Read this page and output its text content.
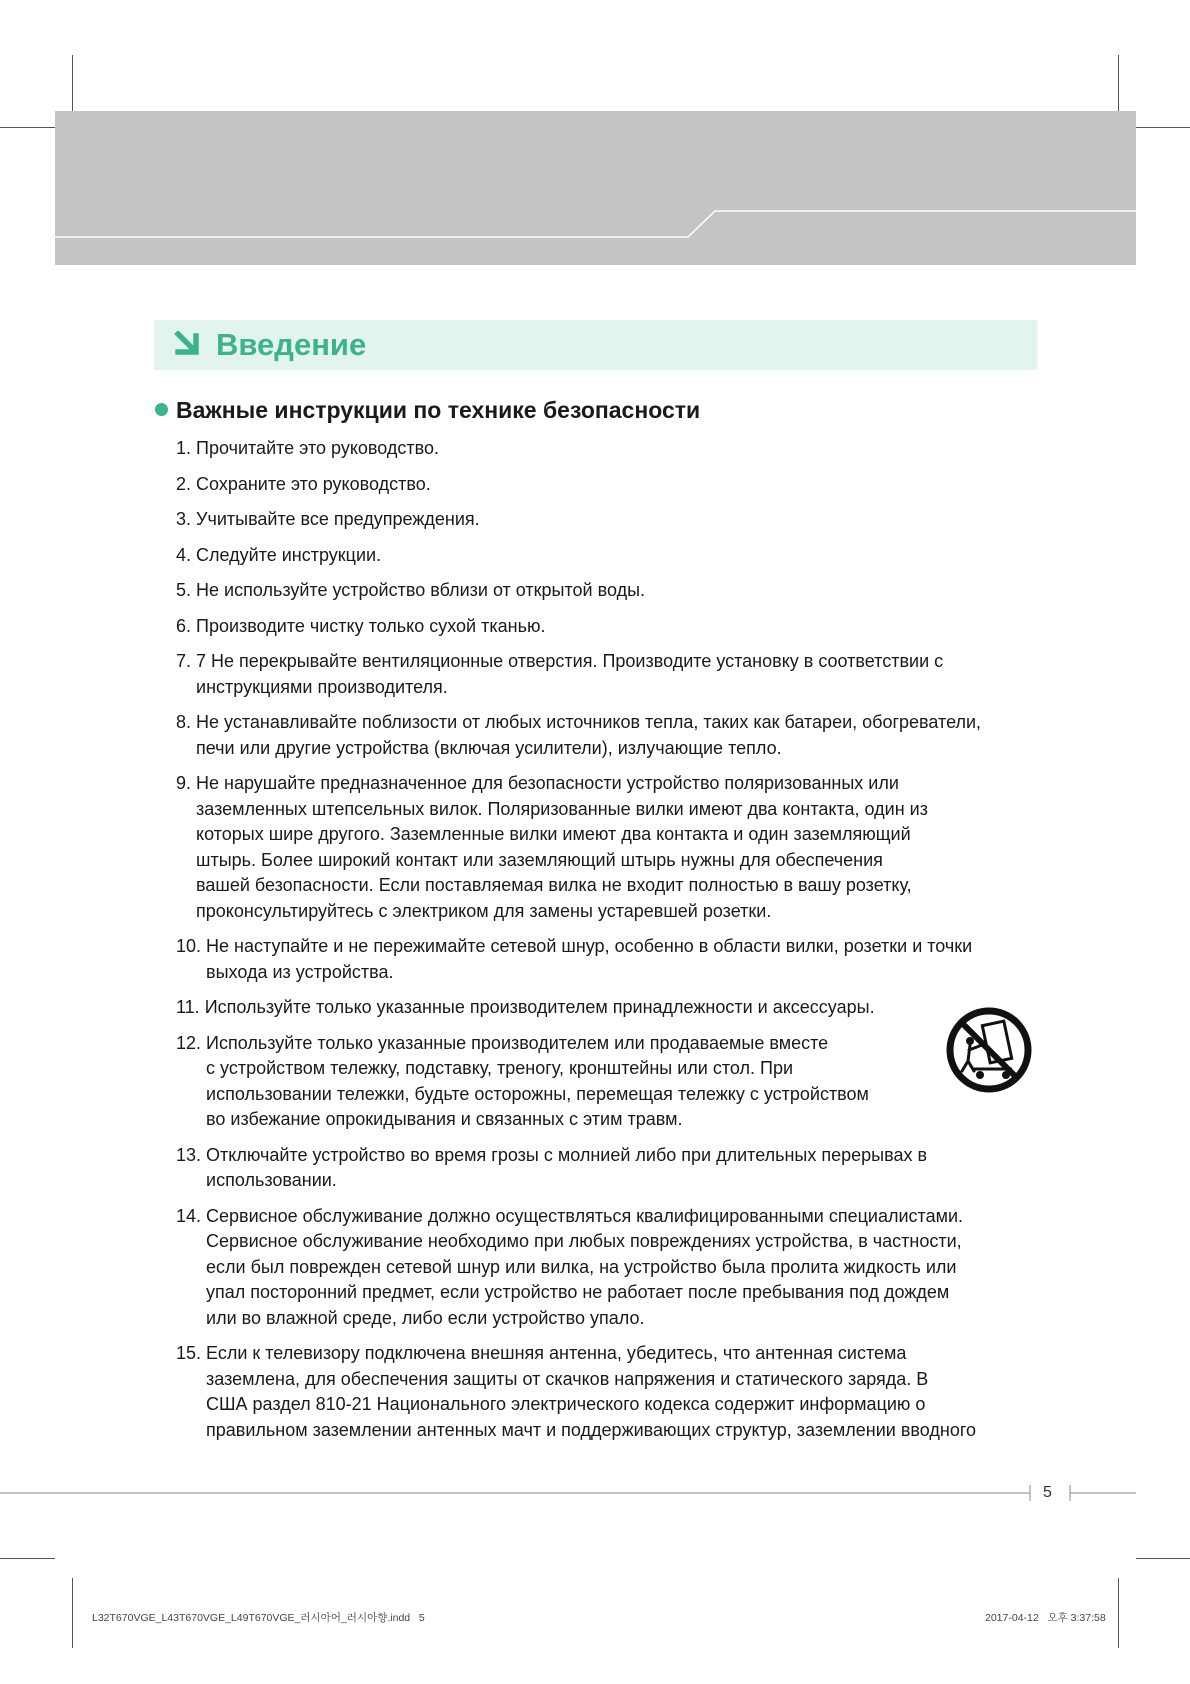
Введение
Важные инструкции по технике безопасности
1. Прочитайте это руководство.
2. Сохраните это руководство.
3. Учитывайте все предупреждения.
4. Следуйте инструкции.
5. Не используйте устройство вблизи от открытой воды.
6. Производите чистку только сухой тканью.
7. 7 Не перекрывайте вентиляционные отверстия. Производите установку в соответствии с
инструкциями производителя.
8. Не устанавливайте поблизости от любых источников тепла, таких как батареи, обогреватели,
печи или другие устройства (включая усилители), излучающие тепло.
9. Не нарушайте предназначенное для безопасности устройство поляризованных или
заземленных штепсельных вилок. Поляризованные вилки имеют два контакта, один из
которых шире другого. Заземленные вилки имеют два контакта и один заземляющий
штырь. Более широкий контакт или заземляющий штырь нужны для обеспечения
вашей безопасности. Если поставляемая вилка не входит полностью в вашу розетку,
проконсультируйтесь с электриком для замены устаревшей розетки.
10. Не наступайте и не пережимайте сетевой шнур, особенно в области вилки, розетки и точки
выхода из устройства.
11. Используйте только указанные производителем принадлежности и аксессуары.
12. Используйте только указанные производителем или продаваемые вместе
с устройством тележку, подставку, треногу, кронштейны или стол. При
использовании тележки, будьте осторожны, перемещая тележку с устройством
во избежание опрокидывания и связанных с этим травм.
13. Отключайте устройство во время грозы с молнией либо при длительных перерывах в
использовании.
14. Сервисное обслуживание должно осуществляться квалифицированными специалистами.
Сервисное обслуживание необходимо при любых повреждениях устройства, в частности,
если был поврежден сетевой шнур или вилка, на устройство была пролита жидкость или
упал посторонний предмет, если устройство не работает после пребывания под дождем
или во влажной среде, либо если устройство упало.
15. Если к телевизору подключена внешняя антенна, убедитесь, что антенная система
заземлена, для обеспечения защиты от скачков напряжения и статического заряда. В
США раздел 810-21 Национального электрического кодекса содержит информацию о
правильном заземлении антенных мачт и поддерживающих структур, заземлении вводного
5
L32T670VGE_L43T670VGE_L49T670VGE_러시아어_러시아향.indd   5	2017-04-12   오후 3:37:58
